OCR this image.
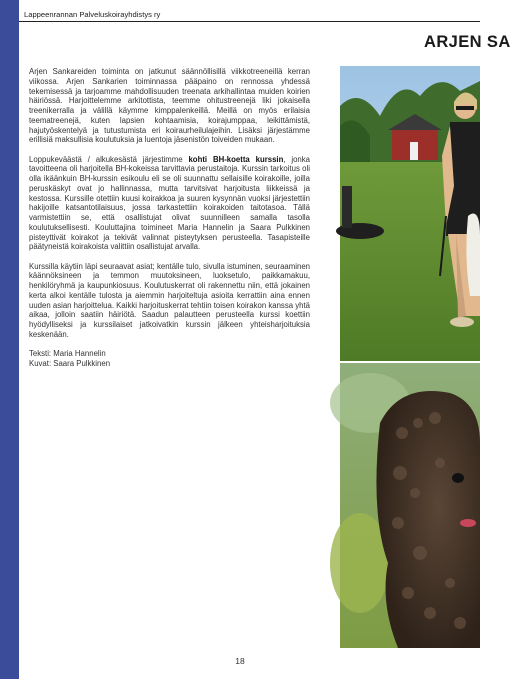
Lappeenrannan Palveluskoirayhdistys ry
ARJEN SA

Arjen Sankareiden toiminta on jatkunut säännöllisillä viikkotreeneillä kerran viikossa. Arjen Sankarien toiminnassa pääpaino on rennossa yhdessä tekemisessä ja tarjoamme mahdollisuuden treenata arkihallintaa muiden koirien häiriössä. Harjoittelemme arkitottista, teemme ohitustreenejä liki jokaisella treenikerralla ja välillä käymme kimppalenkeillä. Meillä on myös erilaisia teematreenejä, kuten lapsien kohtaamisia, koirajumppaa, leikittämistä, hajutyöskentelyä ja tutustumista eri koiraurheilulajeihin. Lisäksi järjestämme erillisiä maksullisia koulutuksia ja luentoja jäsenistön toiveiden mukaan.

Loppukeväästä / alkukesästä järjestimme kohti BH-koetta kurssin, jonka tavoitteena oli harjoitella BH-kokeissa tarvittavia perustaitoja. Kurssin tarkoitus oli olla ikäänkuin BH-kurssin esikoulu eli se oli suunnattu sellaisille koirakoille, joilla peruskäskyt ovat jo hallinnassa, mutta tarvitsivat harjoitusta liikkeissä ja kestossa. Kurssille otettiin kuusi koirakkoa ja suuren kysynnän vuoksi järjestettiin hakijoille katsantotilaisuus, jossa tarkastettiin koirakoiden taitotasoa. Tällä varmistettiin se, että osallistujat olivat suunnilleen samalla tasolla koulutuksellisesti. Kouluttajina toimineet Maria Hannelin ja Saara Pulkkinen pisteyttivät koirakot ja tekivät valinnat pisteytyksen perusteella. Tasapisteille päätyneistä koirakoista valittiin osallistujat arvalla.

Kurssilla käytiin läpi seuraavat asiat; kentälle tulo, sivulla istuminen, seuraaminen käännöksineen ja temmon muutoksineen, luoksetulo, paikkamakuu, henkilöryhmä ja kaupunkiosuus. Koulutuskerrat oli rakennettu niin, että jokainen kerta alkoi kentälle tulosta ja aiemmin harjoiteltuja asioita kerrattiin aina ennen uuden asian harjoittelua. Kaikki harjoituskerrat tehtiin toisen koirakon kanssa yhtä aikaa, jolloin saatiin häiriötä. Saadun palautteen perusteella kurssi koettiin hyödylliseksi ja kurssilaiset jatkoivatkin kurssin jälkeen yhteisharjoituksia keskenään.

Teksti: Maria Hannelin
Kuvat: Saara Pulkkinen
18
